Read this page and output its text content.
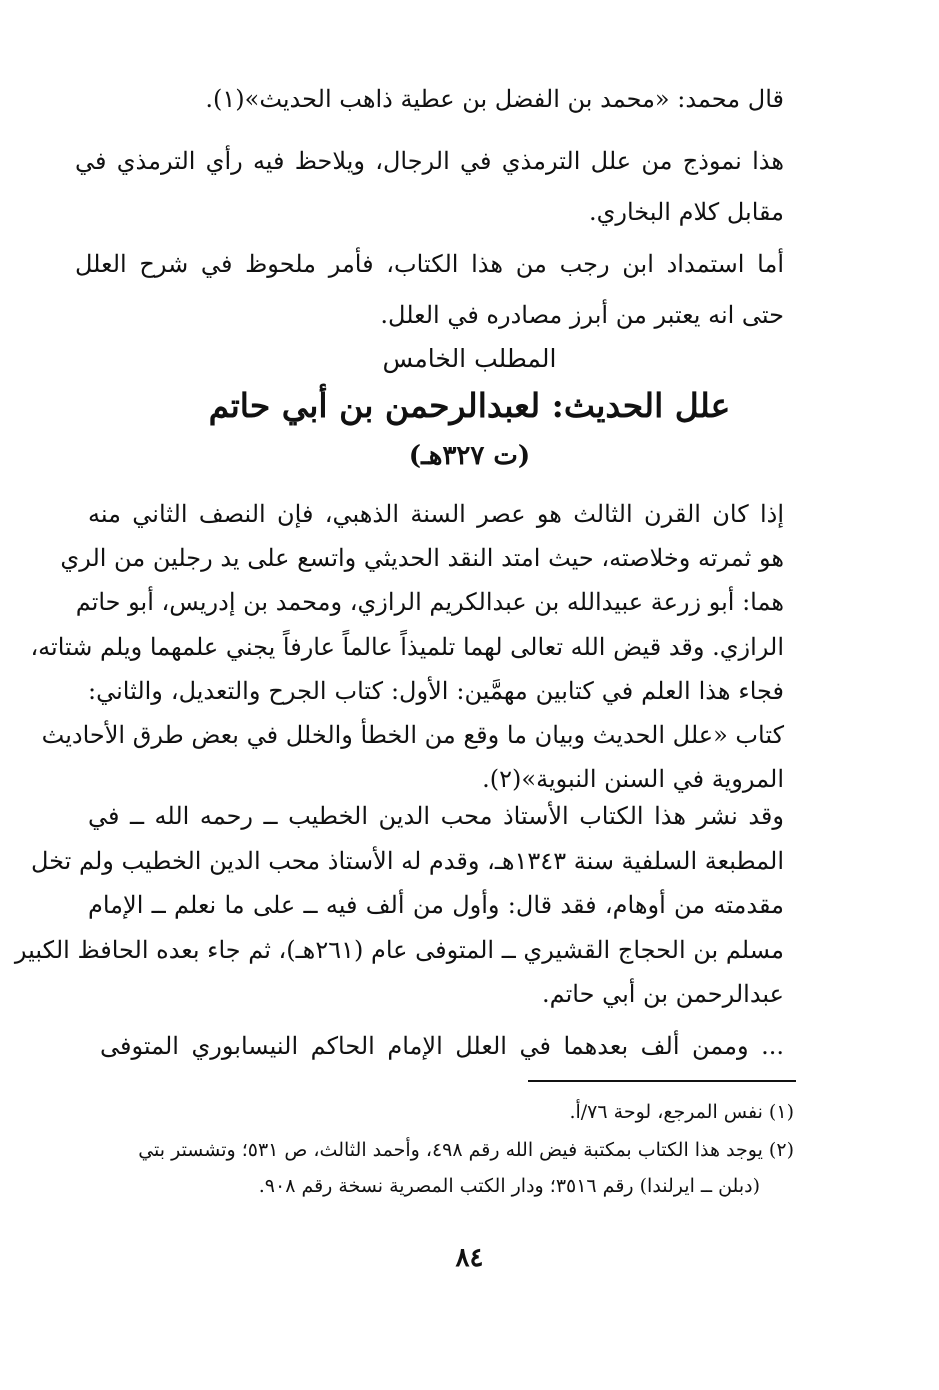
قال محمد: «محمد بن الفضل بن عطية ذاهب الحديث»(١).

هذا نموذج من علل الترمذي في الرجال، ويلاحظ فيه رأي الترمذي في
مقابل كلام البخاري.

أما استمداد ابن رجب من هذا الكتاب، فأمر ملحوظ في شرح العلل
حتى انه يعتبر من أبرز مصادره في العلل.

المطلب الخامس
علل الحديث: لعبدالرحمن بن أبي حاتم
(ت ٣٢٧هـ)

إذا كان القرن الثالث هو عصر السنة الذهبي، فإن النصف الثاني منه
هو ثمرته وخلاصته، حيث امتد النقد الحديثي واتسع على يد رجلين من الري
هما: أبو زرعة عبيدالله بن عبدالكريم الرازي، ومحمد بن إدريس، أبو حاتم
الرازي. وقد قيض الله تعالى لهما تلميذاً عالماً عارفاً يجني علمهما ويلم شتاته،
فجاء هذا العلم في كتابين مهمَّين: الأول: كتاب الجرح والتعديل، والثاني:
كتاب «علل الحديث وبيان ما وقع من الخطأ والخلل في بعض طرق الأحاديث
المروية في السنن النبوية»(٢).

وقد نشر هذا الكتاب الأستاذ محب الدين الخطيب ــ رحمه الله ــ في
المطبعة السلفية سنة ١٣٤٣هـ، وقدم له الأستاذ محب الدين الخطيب ولم تخل
مقدمته من أوهام، فقد قال: وأول من ألف فيه ــ على ما نعلم ــ الإمام
مسلم بن الحجاج القشيري ــ المتوفى عام (٢٦١هـ)، ثم جاء بعده الحافظ الكبير
عبدالرحمن بن أبي حاتم.

... وممن ألف بعدهما في العلل الإمام الحاكم النيسابوري المتوفى

(١) نفس المرجع، لوحة ٧٦/أ.
(٢) يوجد هذا الكتاب بمكتبة فيض الله رقم ٤٩٨، وأحمد الثالث، ص ٥٣١؛ وتشستر بتي
(دبلن ــ ايرلندا) رقم ٣٥١٦؛ ودار الكتب المصرية نسخة رقم ٩٠٨.
٨٤
